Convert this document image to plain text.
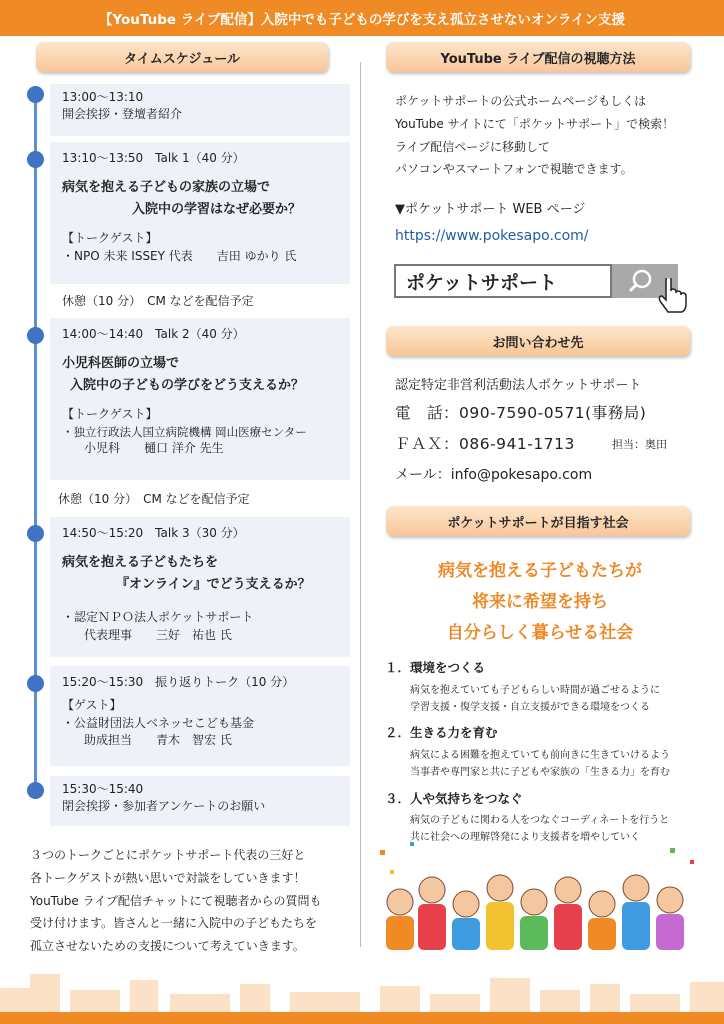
【YouTube ライブ配信】入院中でも子どもの学びを支え孤立させないオンライン支援
タイムスケジュール
13:00〜13:10
開会挨拶・登壇者紹介
13:10〜13:50　Talk 1（40 分）
病気を抱える子どもの家族の立場で
入院中の学習はなぜ必要か？
【トークゲスト】
・NPO 未来 ISSEY 代表　　吉田 ゆかり 氏
休憩（10 分）　CM などを配信予定
14:00〜14:40　Talk 2（40 分）
小児科医師の立場で
入院中の子どもの学びをどう支えるか？
【トークゲスト】
・独立行政法人国立病院機構 岡山医療センター
小児科　　樋口 洋介 先生
休憩（10 分）　CM などを配信予定
14:50〜15:20　Talk 3（30 分）
病気を抱える子どもたちを
『オンライン』でどう支えるか？
・認定ＮＰＯ法人ポケットサポート
代表理事　　三好　祐也 氏
15:20〜15:30　振り返りトーク（10 分）
【ゲスト】
・公益財団法人ベネッセこども基金
助成担当　　青木　智宏 氏
15:30〜15:40
閉会挨拶・参加者アンケートのお願い
３つのトークごとにポケットサポート代表の三好と
各トークゲストが熱い思いで対談をしていきます！
YouTube ライブ配信チャットにて視聴者からの質問も
受け付けます。皆さんと一緒に入院中の子どもたちを
孤立させないための支援について考えていきます。
YouTube ライブ配信の視聴方法
ポケットサポートの公式ホームページもしくは
YouTube サイトにて「ポケットサポート」で検索！
ライブ配信ページに移動して
パソコンやスマートフォンで視聴できます。
▼ポケットサポート WEB ページ
https://www.pokesapo.com/
ポケットサポート
お問い合わせ先
認定特定非営利活動法人ポケットサポート
電　話：090-7590-0571(事務局)
ＦＡＸ：086-941-1713	担当：奥田
メール：info@pokesapo.com
ポケットサポートが目指す社会
病気を抱える子どもたちが
将来に希望を持ち
自分らしく暮らせる社会
１．環境をつくる
病気を抱えていても子どもらしい時間が過ごせるように
学習支援・復学支援・自立支援ができる環境をつくる
２．生きる力を育む
病気による困難を抱えていても前向きに生きていけるよう
当事者や専門家と共に子どもや家族の「生きる力」を育む
３．人や気持ちをつなぐ
病気の子どもに関わる人をつなぐコーディネートを行うと
共に社会への理解啓発により支援者を増やしていく
